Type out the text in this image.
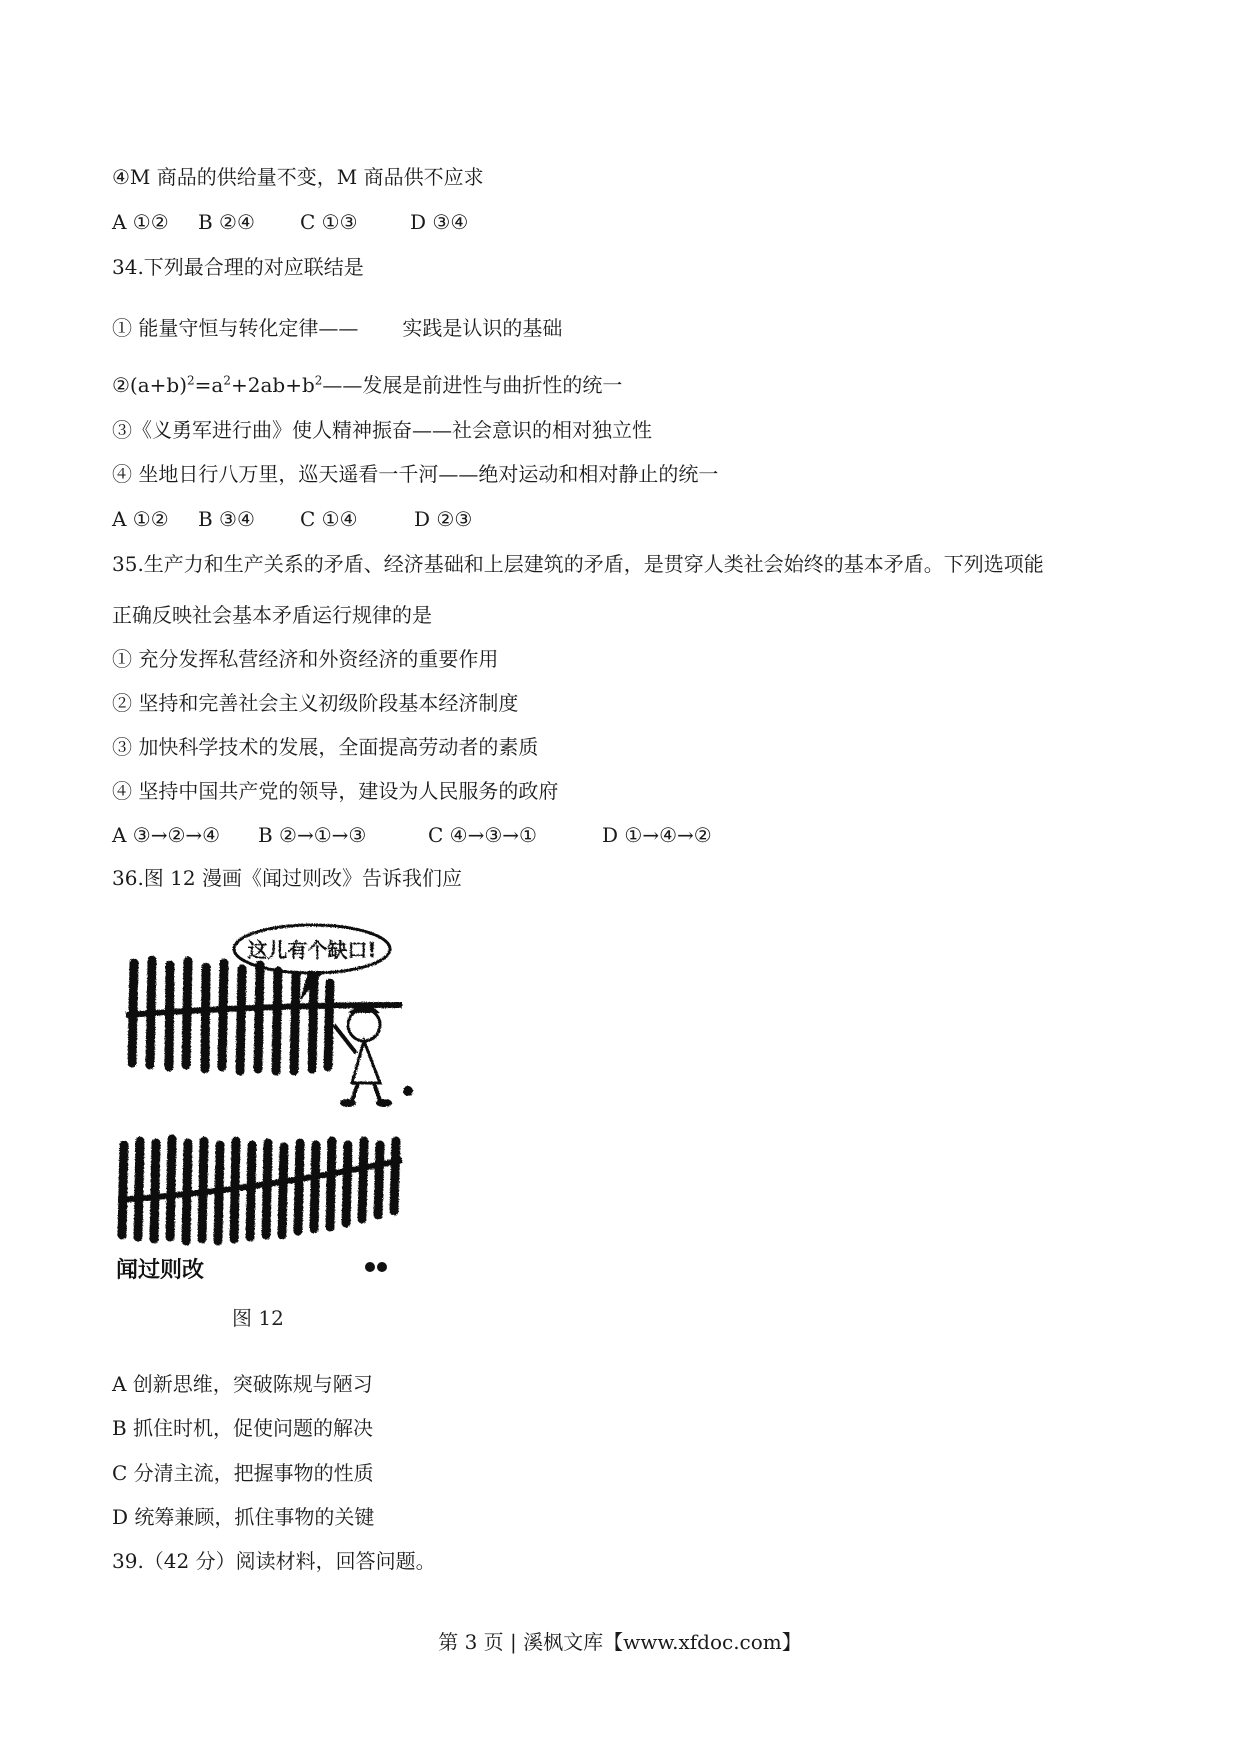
④M 商品的供给量不变，M 商品供不应求
A ①② B ②④ C ①③	D ③④
34.下列最合理的对应联结是
① 能量守恒与转化定律—— 实践是认识的基础
$②(a+b)^2=a^2+2ab+b^2——$发展是前进性与曲折性的统一
③《义勇军进行曲》使人精神振奋——社会意识的相对独立性
④ 坐地日行八万里，巡天遥看一千河——绝对运动和相对静止的统一
A ①② B ③④ C ①④	D ②③
35.生产力和生产关系的矛盾、经济基础和上层建筑的矛盾，是贯穿人类社会始终的基本矛盾。下列选项能
正确反映社会基本矛盾运行规律的是
① 充分发挥私营经济和外资经济的重要作用
② 坚持和完善社会主义初级阶段基本经济制度
③ 加快科学技术的发展，全面提高劳动者的素质
④ 坚持中国共产党的领导，建设为人民服务的政府
A ③→②→④ B ②→①→③	C ④→③→①	D ①→④→②
36.图 12 漫画《闻过则改》告诉我们应
这儿有个缺口!
闻过则改
图 12
A 创新思维，突破陈规与陋习
B 抓住时机，促使问题的解决
C 分清主流，把握事物的性质
D 统筹兼顾，抓住事物的关键
39.（42 分）阅读材料，回答问题。
第 3 页 | 溪枫文库【www.xfdoc.com】
